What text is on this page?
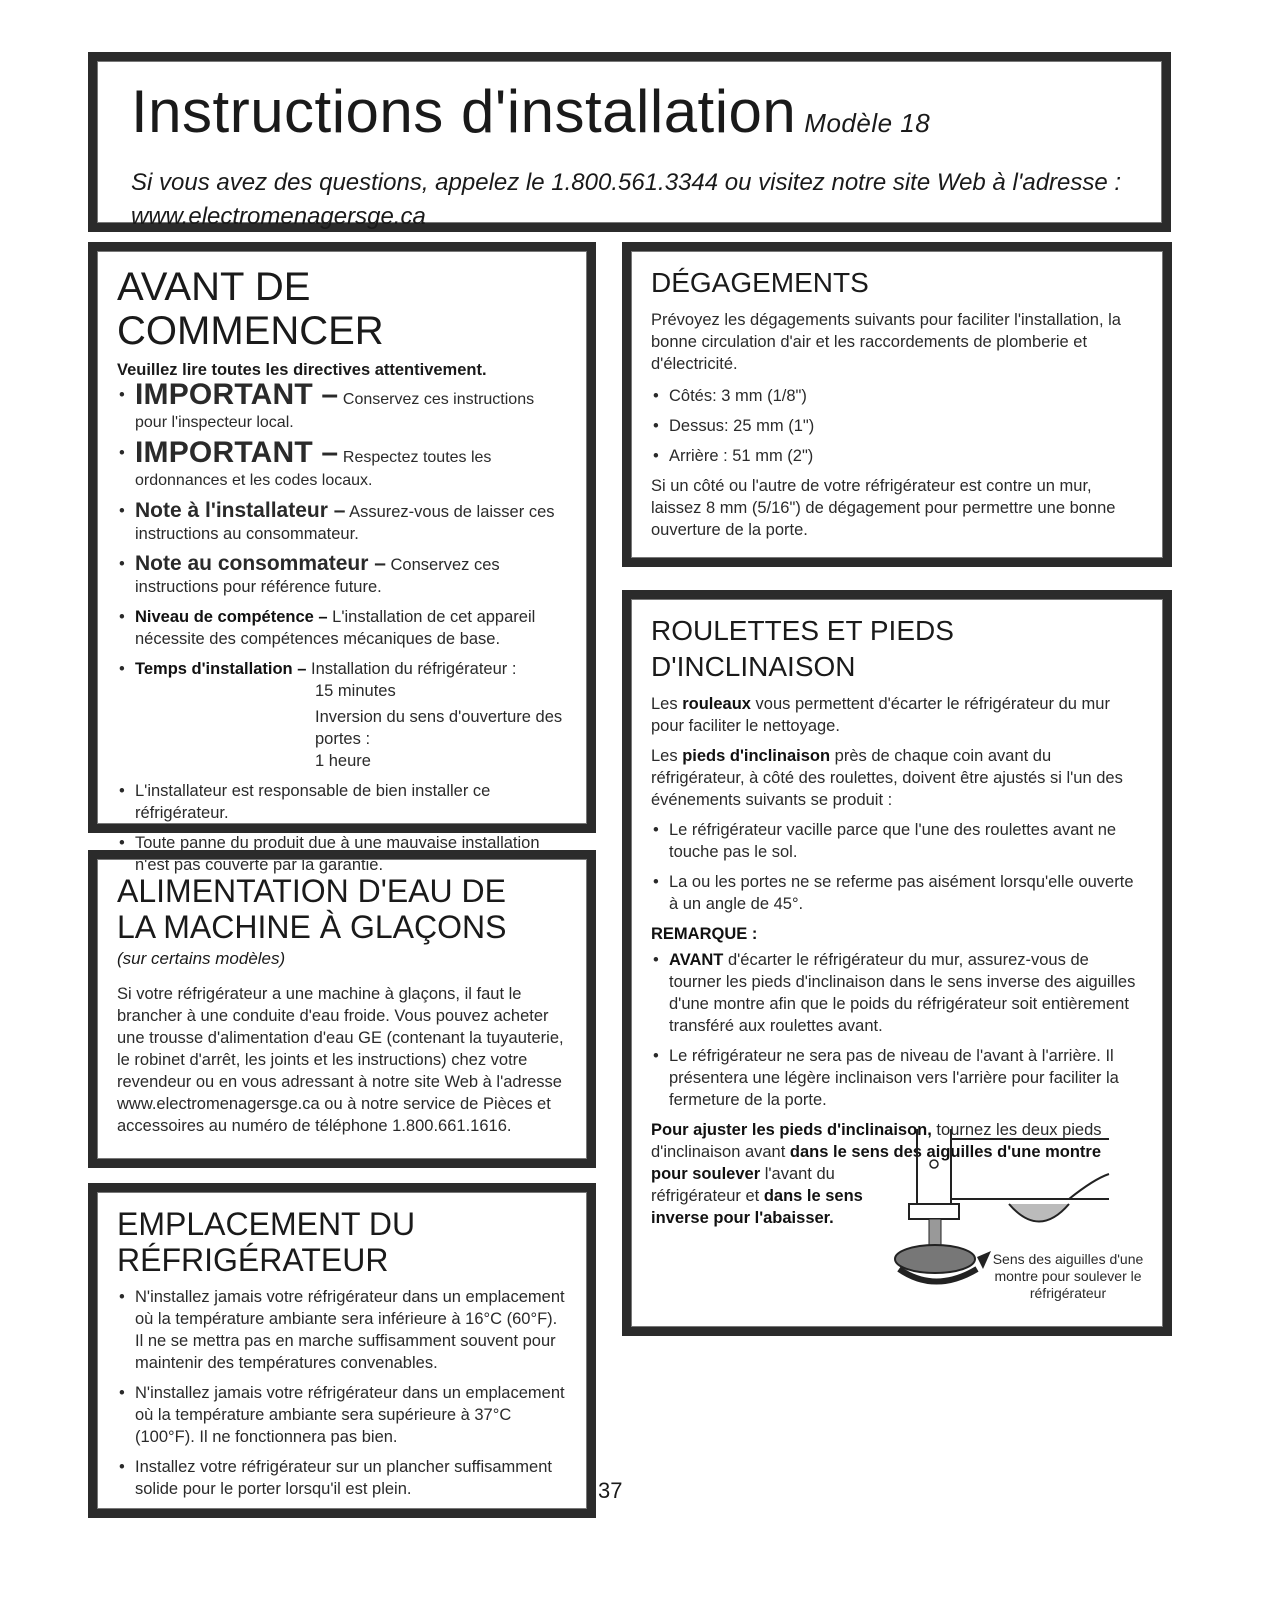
Instructions d'installation Modèle 18
Si vous avez des questions, appelez le 1.800.561.3344 ou visitez notre site Web à l'adresse : www.electromenagersge.ca
AVANT DE COMMENCER
Veuillez lire toutes les directives attentivement.
• IMPORTANT – Conservez ces instructions pour l'inspecteur local.
• IMPORTANT – Respectez toutes les ordonnances et les codes locaux.
• Note à l'installateur – Assurez-vous de laisser ces instructions au consommateur.
• Note au consommateur – Conservez ces instructions pour référence future.
• Niveau de compétence – L'installation de cet appareil nécessite des compétences mécaniques de base.
• Temps d'installation – Installation du réfrigérateur :
15 minutes
Inversion du sens d'ouverture des portes :
1 heure
• L'installateur est responsable de bien installer ce réfrigérateur.
• Toute panne du produit due à une mauvaise installation n'est pas couverte par la garantie.
ALIMENTATION D'EAU DE
LA MACHINE À GLAÇONS
(sur certains modèles)

Si votre réfrigérateur a une machine à glaçons, il faut le brancher à une conduite d'eau froide. Vous pouvez acheter une trousse d'alimentation d'eau GE (contenant la tuyauterie, le robinet d'arrêt, les joints et les instructions) chez votre revendeur ou en vous adressant à notre site Web à l'adresse www.electromenagersge.ca ou à notre service de Pièces et accessoires au numéro de téléphone 1.800.661.1616.

EMPLACEMENT DU RÉFRIGÉRATEUR
• N'installez jamais votre réfrigérateur dans un emplacement où la température ambiante sera inférieure à 16°C (60°F). Il ne se mettra pas en marche suffisamment souvent pour maintenir des températures convenables.
• N'installez jamais votre réfrigérateur dans un emplacement où la température ambiante sera supérieure à 37°C (100°F). Il ne fonctionnera pas bien.
• Installez votre réfrigérateur sur un plancher suffisamment solide pour le porter lorsqu'il est plein.
DÉGAGEMENTS

Prévoyez les dégagements suivants pour faciliter l'installation, la bonne circulation d'air et les raccordements de plomberie et d'électricité.

• Côtés: 3 mm (1/8")
• Dessus: 25 mm (1")
• Arrière : 51 mm (2")

Si un côté ou l'autre de votre réfrigérateur est contre un mur, laissez 8 mm (5/16") de dégagement pour permettre une bonne ouverture de la porte.

ROULETTES ET PIEDS D'INCLINAISON

Les rouleaux vous permettent d'écarter le réfrigérateur du mur pour faciliter le nettoyage.

Les pieds d'inclinaison près de chaque coin avant du réfrigérateur, à côté des roulettes, doivent être ajustés si l'un des événements suivants se produit :

• Le réfrigérateur vacille parce que l'une des roulettes avant ne touche pas le sol.
• La ou les portes ne se referme pas aisément lorsqu'elle ouverte à un angle de 45°.
REMARQUE :
• AVANT d'écarter le réfrigérateur du mur, assurez-vous de tourner les pieds d'inclinaison dans le sens inverse des aiguilles d'une montre afin que le poids du réfrigérateur soit entièrement transféré aux roulettes avant.
• Le réfrigérateur ne sera pas de niveau de l'avant à l'arrière. Il présentera une légère inclinaison vers l'arrière pour faciliter la fermeture de la porte.

Pour ajuster les pieds d'inclinaison, tournez les deux pieds d'inclinaison avant dans le sens des aiguilles d'une montre

pour soulever l'avant du réfrigérateur et dans le sens inverse pour l'abaisser.

Sens des aiguilles d'une montre pour soulever le réfrigérateur
37
